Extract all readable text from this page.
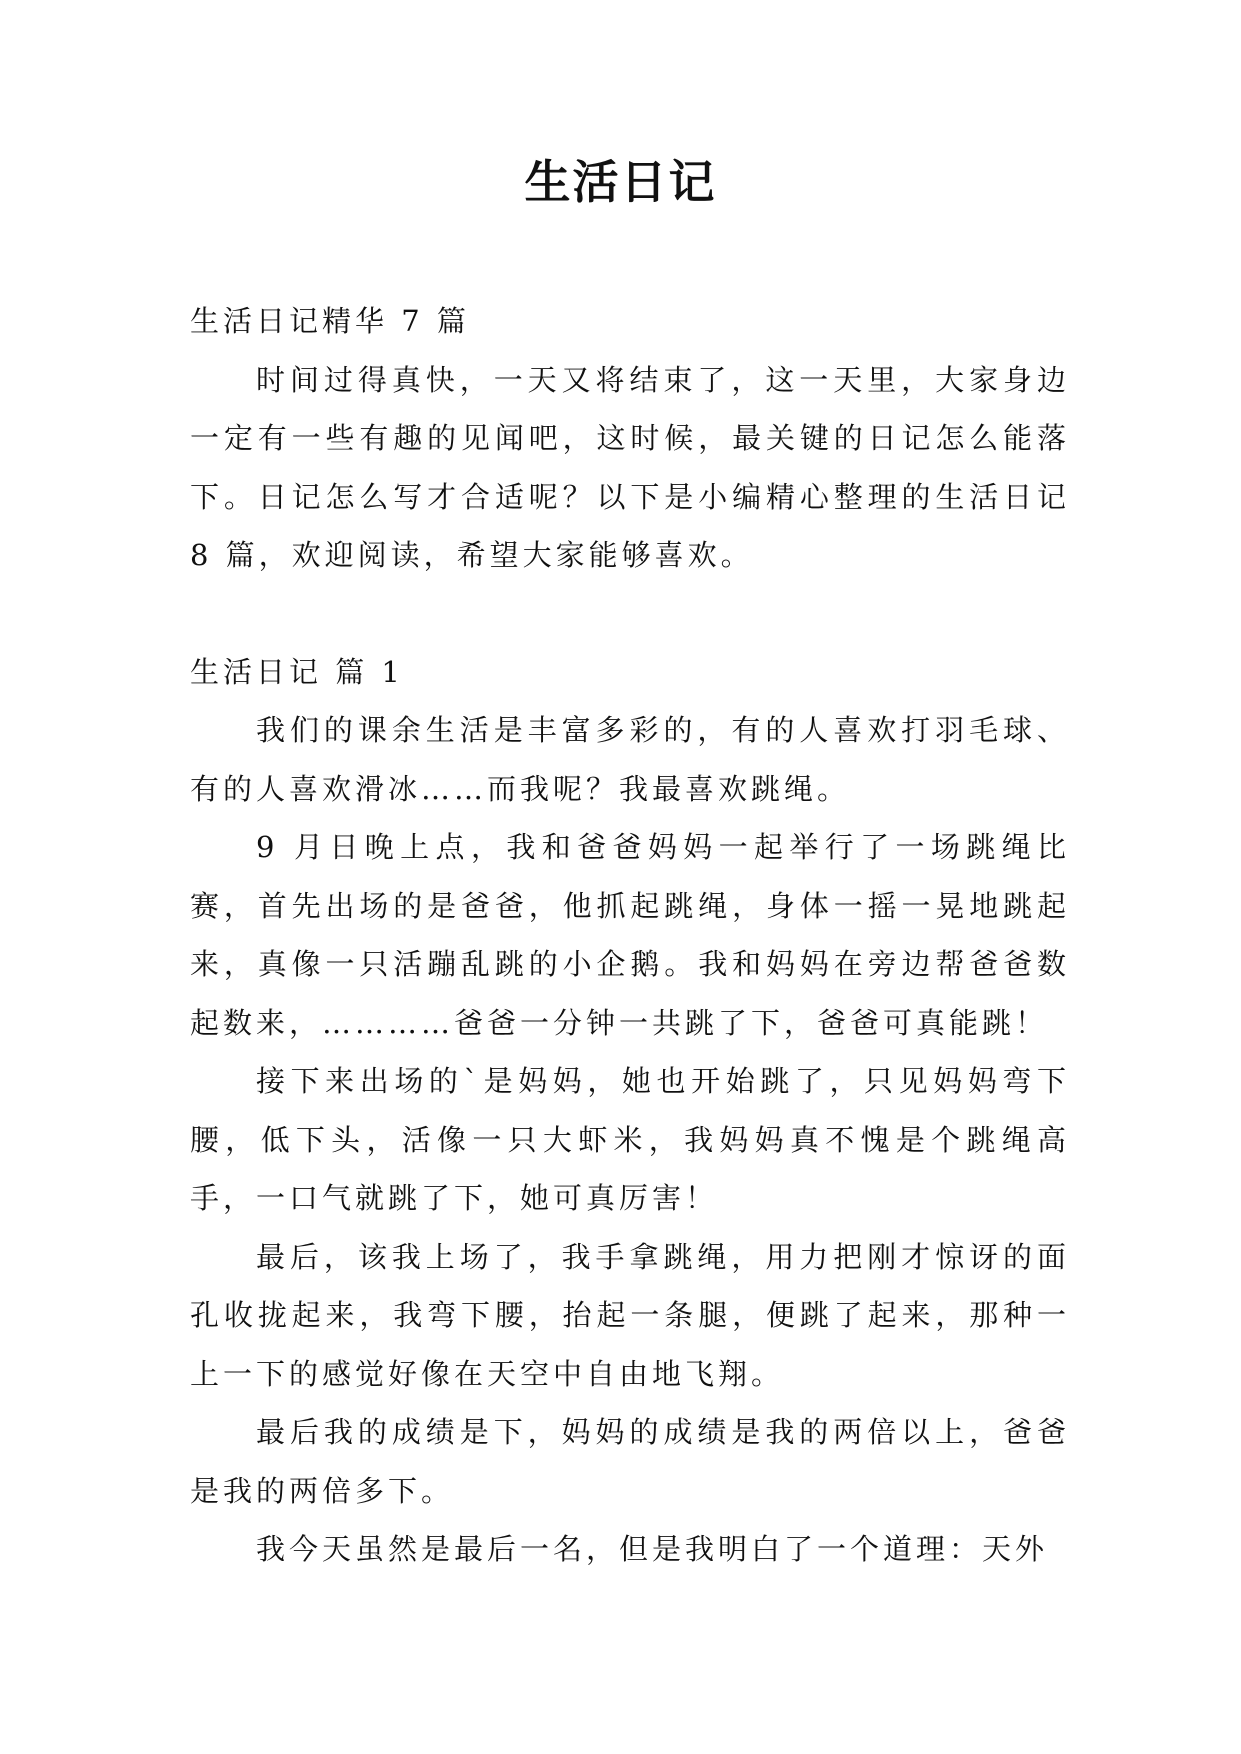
生活日记

生活日记精华 7 篇

时间过得真快，一天又将结束了，这一天里，大家身边一定有一些有趣的见闻吧，这时候，最关键的日记怎么能落下。日记怎么写才合适呢？以下是小编精心整理的生活日记 8 篇，欢迎阅读，希望大家能够喜欢。

生活日记 篇 1

我们的课余生活是丰富多彩的，有的人喜欢打羽毛球、有的人喜欢滑冰……而我呢？我最喜欢跳绳。

9 月日晚上点，我和爸爸妈妈一起举行了一场跳绳比赛，首先出场的是爸爸，他抓起跳绳，身体一摇一晃地跳起来，真像一只活蹦乱跳的小企鹅。我和妈妈在旁边帮爸爸数起数来，…………爸爸一分钟一共跳了下，爸爸可真能跳！

接下来出场的`是妈妈，她也开始跳了，只见妈妈弯下腰，低下头，活像一只大虾米，我妈妈真不愧是个跳绳高手，一口气就跳了下，她可真厉害！

最后，该我上场了，我手拿跳绳，用力把刚才惊讶的面孔收拢起来，我弯下腰，抬起一条腿，便跳了起来，那种一上一下的感觉好像在天空中自由地飞翔。

最后我的成绩是下，妈妈的成绩是我的两倍以上，爸爸是我的两倍多下。

我今天虽然是最后一名，但是我明白了一个道理：天外
